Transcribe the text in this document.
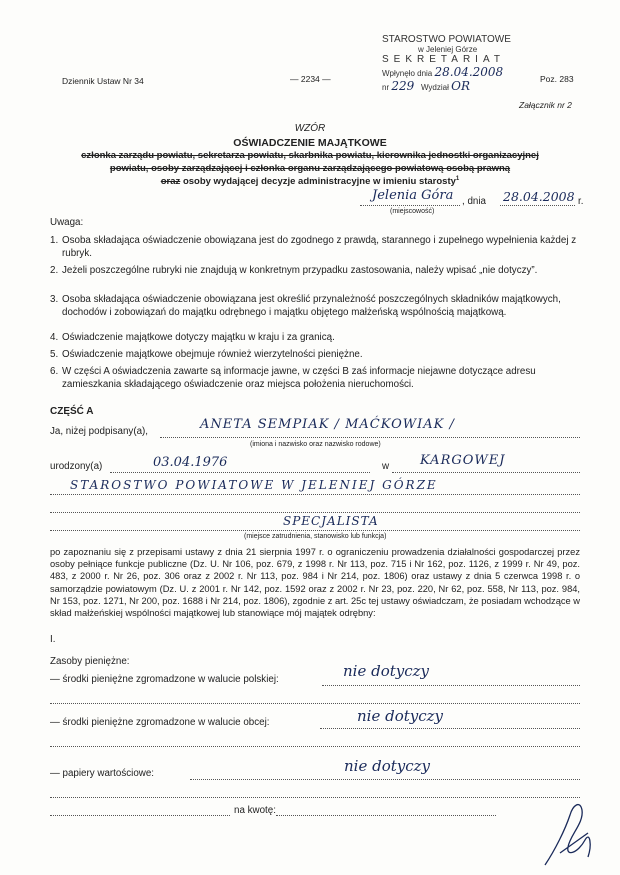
Dziennik Ustaw Nr 34	— 2234 —	Poz. 283
Załącznik nr 2
STAROSTWO POWIATOWE
w Jeleniej Górze
SEKRETARIAT
Wpłynęło dnia 28.04.2008
nr 229 Wydział OR
WZÓR
OŚWIADCZENIE MAJĄTKOWE
członka zarządu powiatu, sekretarza powiatu, skarbnika powiatu, kierownika jednostki organizacyjnej
powiatu, osoby zarządzającej i członka organu zarządzającego powiatową osobą prawną
oraz osoby wydającej decyzje administracyjne w imieniu starosty$^1$
Jelenia Góra , dnia 28.04.2008 r.
(miejscowość)
Uwaga:
1. Osoba składająca oświadczenie obowiązana jest do zgodnego z prawdą, starannego i zupełnego wypełnienia każdej z rubryk.
2. Jeżeli poszczególne rubryki nie znajdują w konkretnym przypadku zastosowania, należy wpisać „nie dotyczy”.
3. Osoba składająca oświadczenie obowiązana jest określić przynależność poszczególnych składników majątkowych, dochodów i zobowiązań do majątku odrębnego i majątku objętego małżeńską wspólnością majątkową.
4. Oświadczenie majątkowe dotyczy majątku w kraju i za granicą.
5. Oświadczenie majątkowe obejmuje również wierzytelności pieniężne.
6. W części A oświadczenia zawarte są informacje jawne, w części B zaś informacje niejawne dotyczące adresu zamieszkania składającego oświadczenie oraz miejsca położenia nieruchomości.
CZĘŚĆ A
Ja, niżej podpisany(a),	ANETA SEMPIAK / MAĆKOWIAK /
(imiona i nazwisko oraz nazwisko rodowe)
urodzony(a)	03.04.1976	w KARGOWEJ
STAROSTWO POWIATOWE W JELENIEJ GÓRZE
SPECJALISTA
(miejsce zatrudnienia, stanowisko lub funkcja)
po zapoznaniu się z przepisami ustawy z dnia 21 sierpnia 1997 r. o ograniczeniu prowadzenia działalności gospodarczej przez osoby pełniące funkcje publiczne (Dz. U. Nr 106, poz. 679, z 1998 r. Nr 113, poz. 715 i Nr 162, poz. 1126, z 1999 r. Nr 49, poz. 483, z 2000 r. Nr 26, poz. 306 oraz z 2002 r. Nr 113, poz. 984 i Nr 214, poz. 1806) oraz ustawy z dnia 5 czerwca 1998 r. o samorządzie powiatowym (Dz. U. z 2001 r. Nr 142, poz. 1592 oraz z 2002 r. Nr 23, poz. 220, Nr 62, poz. 558, Nr 113, poz. 984, Nr 153, poz. 1271, Nr 200, poz. 1688 i Nr 214, poz. 1806), zgodnie z art. 25c tej ustawy oświadczam, że posiadam wchodzące w skład małżeńskiej wspólności majątkowej lub stanowiące mój majątek odrębny:
I.
Zasoby pieniężne:
— środki pieniężne zgromadzone w walucie polskiej:	nie dotyczy
— środki pieniężne zgromadzone w walucie obcej:	nie dotyczy
— papiery wartościowe:	nie dotyczy
na kwotę:
